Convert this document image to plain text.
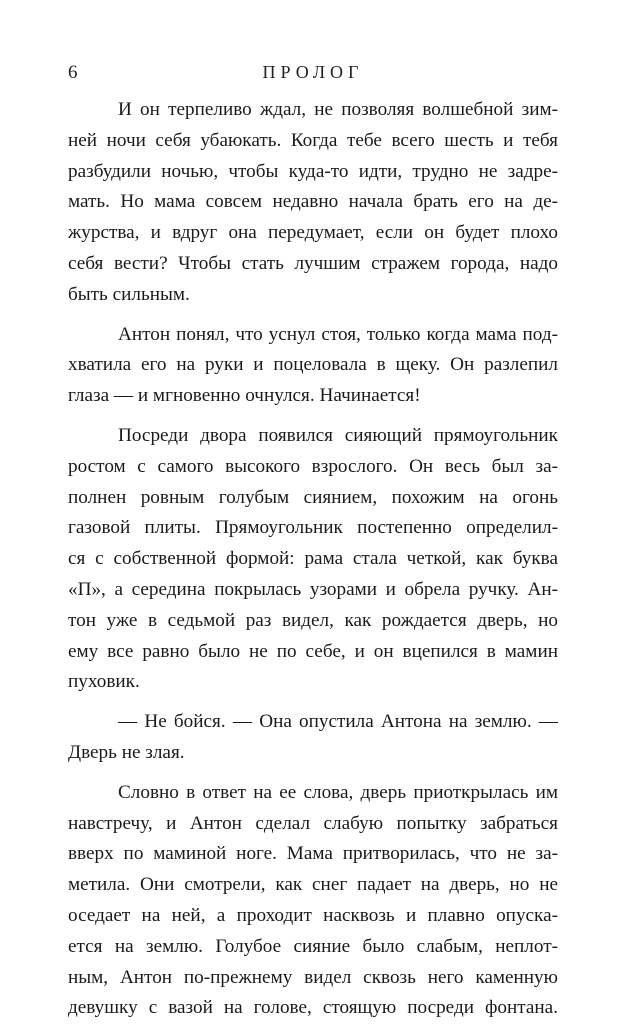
6	ПРОЛОГ
И он терпеливо ждал, не позволяя волшебной зим-
ней ночи себя убаюкать. Когда тебе всего шесть и тебя
разбудили ночью, чтобы куда-то идти, трудно не задре-
мать. Но мама совсем недавно начала брать его на де-
журства, и вдруг она передумает, если он будет плохо
себя вести? Чтобы стать лучшим стражем города, надо
быть сильным.
Антон понял, что уснул стоя, только когда мама под-
хватила его на руки и поцеловала в щеку. Он разлепил
глаза — и мгновенно очнулся. Начинается!
Посреди двора появился сияющий прямоугольник
ростом с самого высокого взрослого. Он весь был за-
полнен ровным голубым сиянием, похожим на огонь
газовой плиты. Прямоугольник постепенно определил-
ся с собственной формой: рама стала четкой, как буква
«П», а середина покрылась узорами и обрела ручку. Ан-
тон уже в седьмой раз видел, как рождается дверь, но
ему все равно было не по себе, и он вцепился в мамин
пуховик.
— Не бойся. — Она опустила Антона на землю. —
Дверь не злая.
Словно в ответ на ее слова, дверь приоткрылась им
навстречу, и Антон сделал слабую попытку забраться
вверх по маминой ноге. Мама притворилась, что не за-
метила. Они смотрели, как снег падает на дверь, но не
оседает на ней, а проходит насквозь и плавно опуска-
ется на землю. Голубое сияние было слабым, неплот-
ным, Антон по-прежнему видел сквозь него каменную
девушку с вазой на голове, стоящую посреди фонтана.
